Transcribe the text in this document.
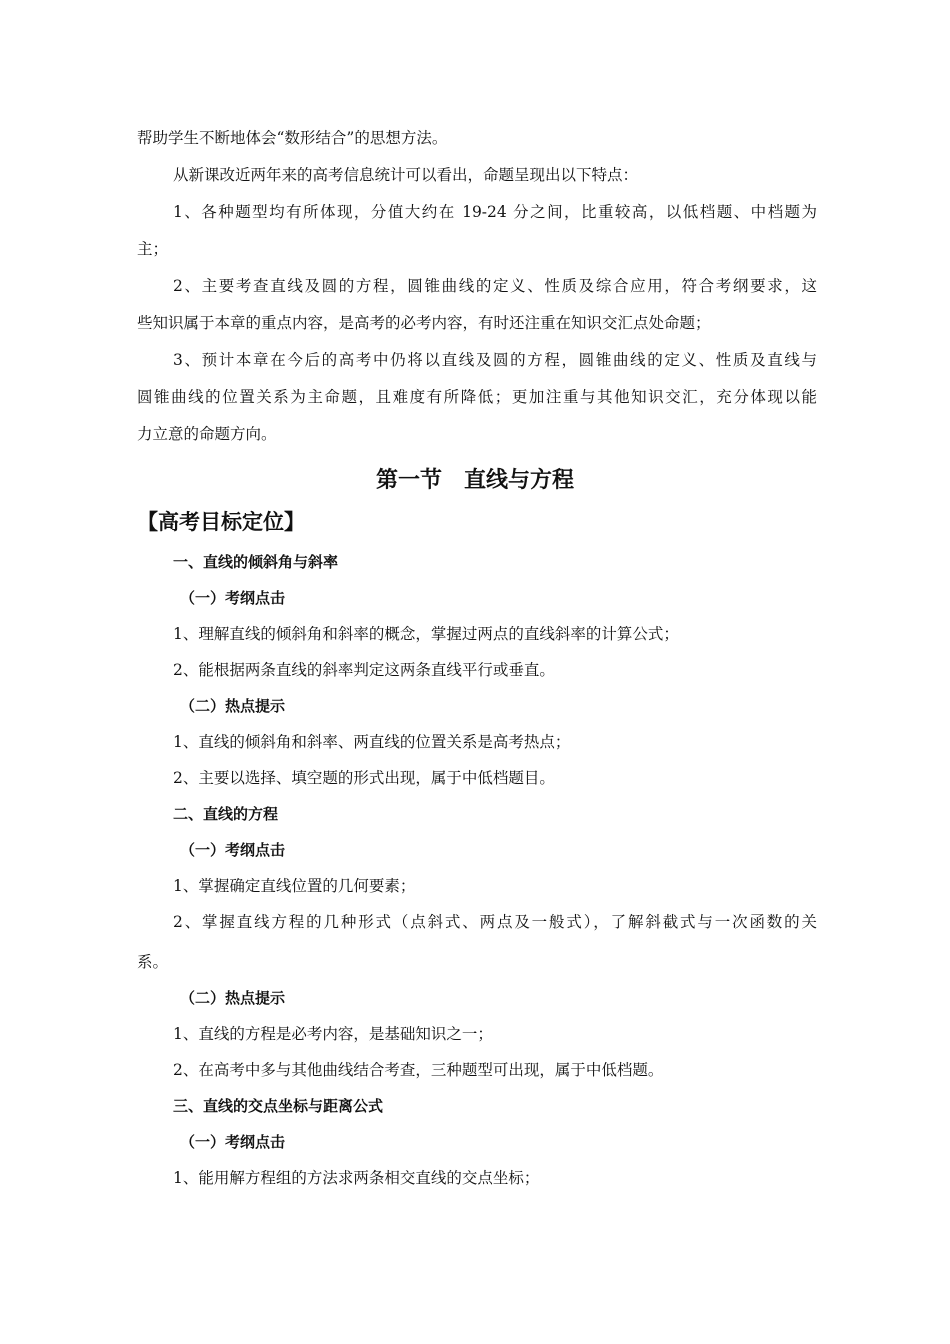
帮助学生不断地体会“数形结合”的思想方法。
从新课改近两年来的高考信息统计可以看出，命题呈现出以下特点：
1、各种题型均有所体现，分值大约在 19-24 分之间，比重较高，以低档题、中档题为
主；
2、主要考查直线及圆的方程，圆锥曲线的定义、性质及综合应用，符合考纲要求，这
些知识属于本章的重点内容，是高考的必考内容，有时还注重在知识交汇点处命题；
3、预计本章在今后的高考中仍将以直线及圆的方程，圆锥曲线的定义、性质及直线与
圆锥曲线的位置关系为主命题，且难度有所降低；更加注重与其他知识交汇，充分体现以能
力立意的命题方向。
第一节　直线与方程
【高考目标定位】
一、直线的倾斜角与斜率
（一）考纲点击
1、理解直线的倾斜角和斜率的概念，掌握过两点的直线斜率的计算公式；
2、能根据两条直线的斜率判定这两条直线平行或垂直。
（二）热点提示
1、直线的倾斜角和斜率、两直线的位置关系是高考热点；
2、主要以选择、填空题的形式出现，属于中低档题目。
二、直线的方程
（一）考纲点击
1、掌握确定直线位置的几何要素；
2、掌握直线方程的几种形式（点斜式、两点及一般式），了解斜截式与一次函数的关
系。
（二）热点提示
1、直线的方程是必考内容，是基础知识之一；
2、在高考中多与其他曲线结合考查，三种题型可出现，属于中低档题。
三、直线的交点坐标与距离公式
（一）考纲点击
1、能用解方程组的方法求两条相交直线的交点坐标；
